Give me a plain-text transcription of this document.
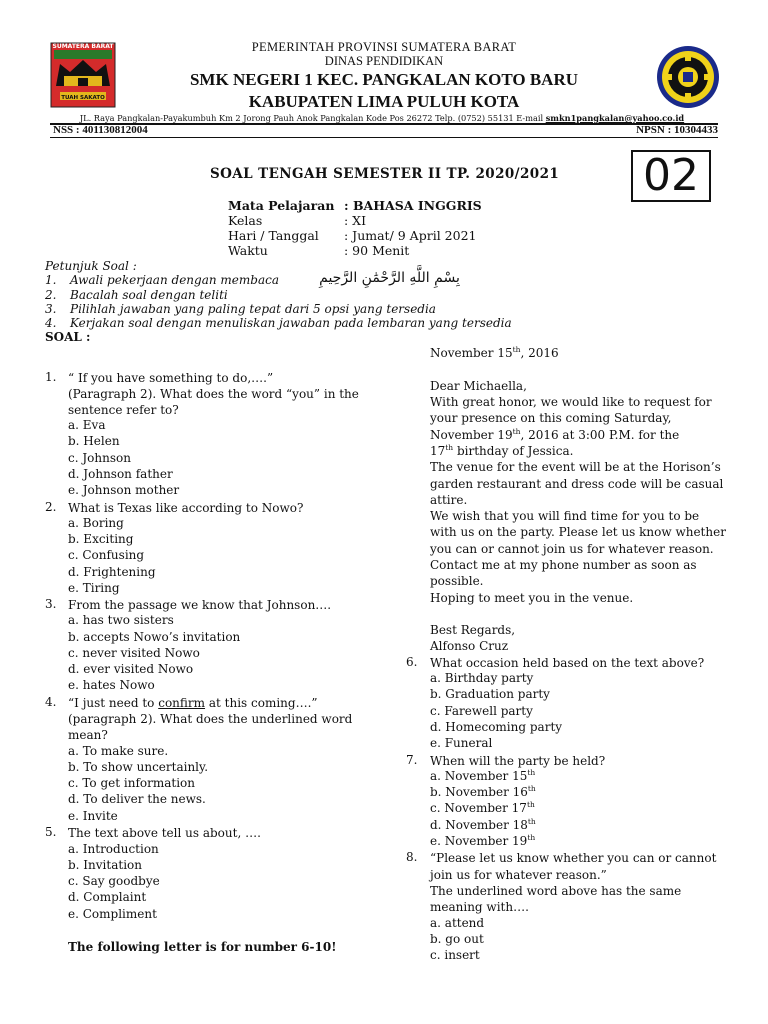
SUMATERA BARAT
TUAH SAKATO
PEMERINTAH PROVINSI SUMATERA BARAT
DINAS PENDIDIKAN
SMK NEGERI 1 KEC. PANGKALAN KOTO BARU
KABUPATEN LIMA PULUH KOTA
JL. Raya Pangkalan-Payakumbuh Km 2 Jorong Pauh Anok Pangkalan Kode Pos 26272 Telp. (0752) 55131 E-mail smkn1pangkalan@yahoo.co.id
NSS : 401130812004	NPSN : 10304433
SOAL TENGAH SEMESTER II TP. 2020/2021 02
Mata Pelajaran : BAHASA INGGRIS
Kelas	: XI
Hari / Tanggal : Jumat/ 9 April 2021
Waktu	: 90 Menit
Petunjuk Soal :
1. Awali pekerjaan dengan membaca
2. Bacalah soal dengan teliti
3. Pilihlah jawaban yang paling tepat dari 5 opsi yang tersedia
4. Kerjakan soal dengan menuliskan jawaban pada lembaran yang tersedia
بِسْمِ اللَّهِ الرَّحْمَٰنِ الرَّحِيمِ
SOAL :
1. “ If you have something to do,….”
(Paragraph 2). What does the word “you” in the
sentence refer to?
a. Eva
b. Helen
c. Johnson
d. Johnson father
e. Johnson mother
2. What is Texas like according to Nowo?
a. Boring
b. Exciting
c. Confusing
d. Frightening
e. Tiring
3. From the passage we know that Johnson….
a. has two sisters
b. accepts Nowo’s invitation
c. never visited Nowo
d. ever visited Nowo
e. hates Nowo
4. “I just need to confirm at this coming….”
(paragraph 2). What does the underlined word
mean?
a. To make sure.
b. To show uncertainly.
c. To get information
d. To deliver the news.
e. Invite
5. The text above tell us about, ….
a. Introduction
b. Invitation
c. Say goodbye
d. Complaint
e. Compliment
The following letter is for number 6-10!
November 15th, 2016
Dear Michaella,
With great honor, we would like to request for
your presence on this coming Saturday,
November 19th, 2016 at 3:00 P.M. for the
17th birthday of Jessica.
The venue for the event will be at the Horison’s
garden restaurant and dress code will be casual
attire.
We wish that you will find time for you to be
with us on the party. Please let us know whether
you can or cannot join us for whatever reason.
Contact me at my phone number as soon as
possible.
Hoping to meet you in the venue.
Best Regards,
Alfonso Cruz
6. What occasion held based on the text above?
a. Birthday party
b. Graduation party
c. Farewell party
d. Homecoming party
e. Funeral
7. When will the party be held?
a. November 15th
b. November 16th
c. November 17th
d. November 18th
e. November 19th
8. “Please let us know whether you can or cannot
join us for whatever reason.”
The underlined word above has the same
meaning with….
a. attend
b. go out
c. insert
